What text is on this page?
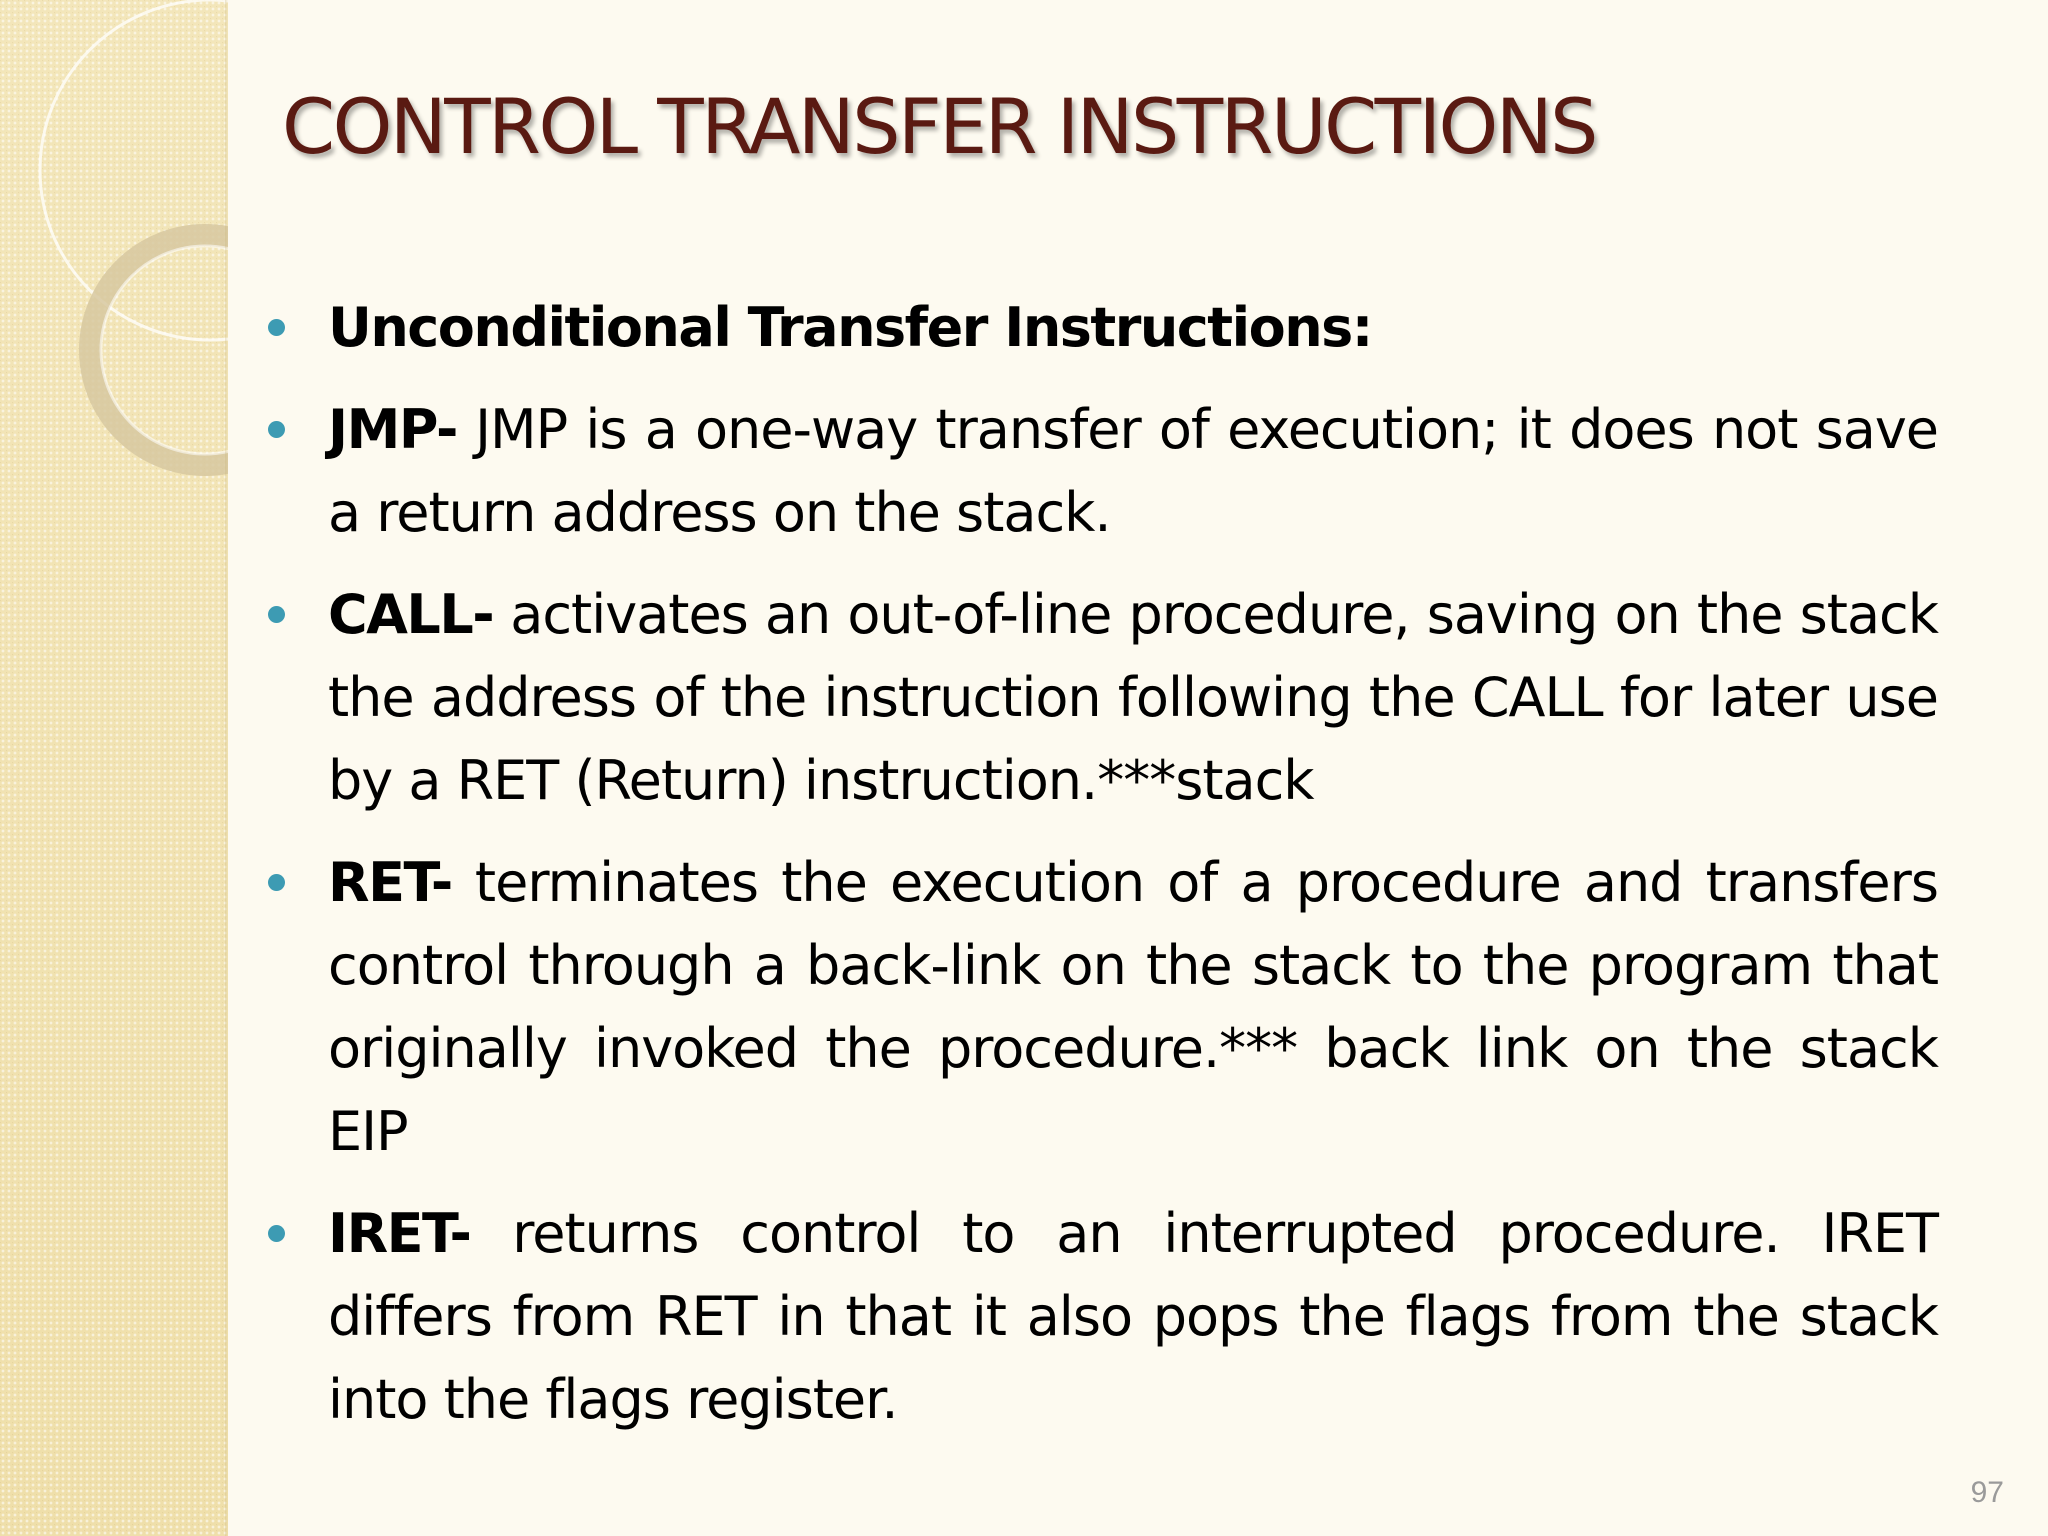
CONTROL TRANSFER INSTRUCTIONS
Unconditional Transfer Instructions:
JMP- JMP is a one-way transfer of execution; it does not save a return address on the stack.
CALL- activates an out-of-line procedure, saving on the stack the address of the instruction following the CALL for later use by a RET (Return) instruction.***stack
RET- terminates the execution of a procedure and transfers control through a back-link on the stack to the program that originally invoked the procedure.*** back link on the stack EIP
IRET- returns control to an interrupted procedure. IRET differs from RET in that it also pops the flags from the stack into the flags register.
97
